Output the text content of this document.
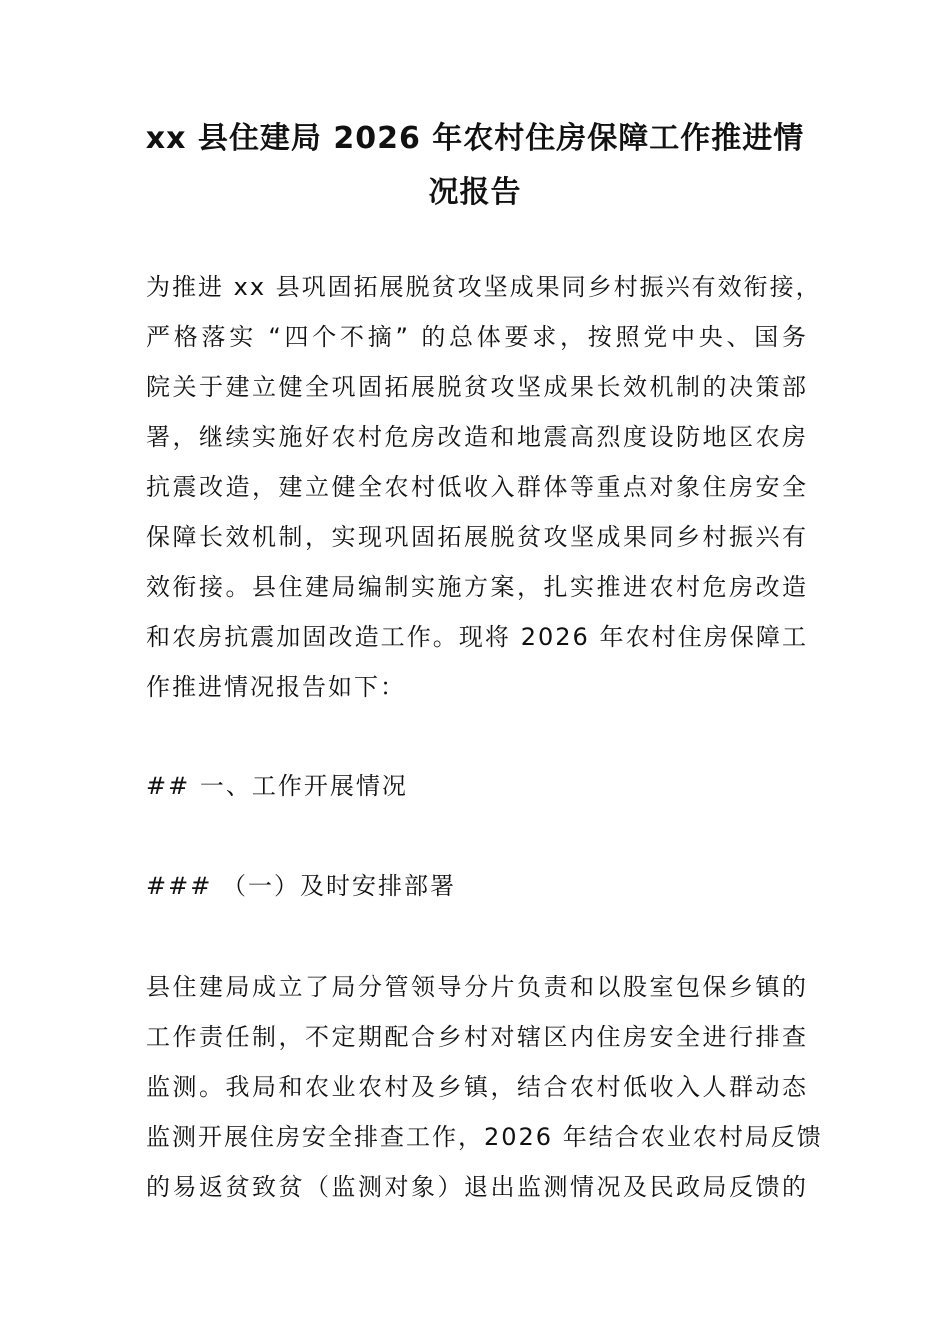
xx 县住建局 2026 年农村住房保障工作推进情
况报告

为推进 xx 县巩固拓展脱贫攻坚成果同乡村振兴有效衔接，
严格落实 “四个不摘” 的总体要求，按照党中央、国务
院关于建立健全巩固拓展脱贫攻坚成果长效机制的决策部
署，继续实施好农村危房改造和地震高烈度设防地区农房
抗震改造，建立健全农村低收入群体等重点对象住房安全
保障长效机制，实现巩固拓展脱贫攻坚成果同乡村振兴有
效衔接。县住建局编制实施方案，扎实推进农村危房改造
和农房抗震加固改造工作。现将 2026 年农村住房保障工
作推进情况报告如下：

## 一、工作开展情况
### （一）及时安排部署

县住建局成立了局分管领导分片负责和以股室包保乡镇的
工作责任制，不定期配合乡村对辖区内住房安全进行排查
监测。我局和农业农村及乡镇，结合农村低收入人群动态
监测开展住房安全排查工作，2026 年结合农业农村局反馈
的易返贫致贫（监测对象）退出监测情况及民政局反馈的
